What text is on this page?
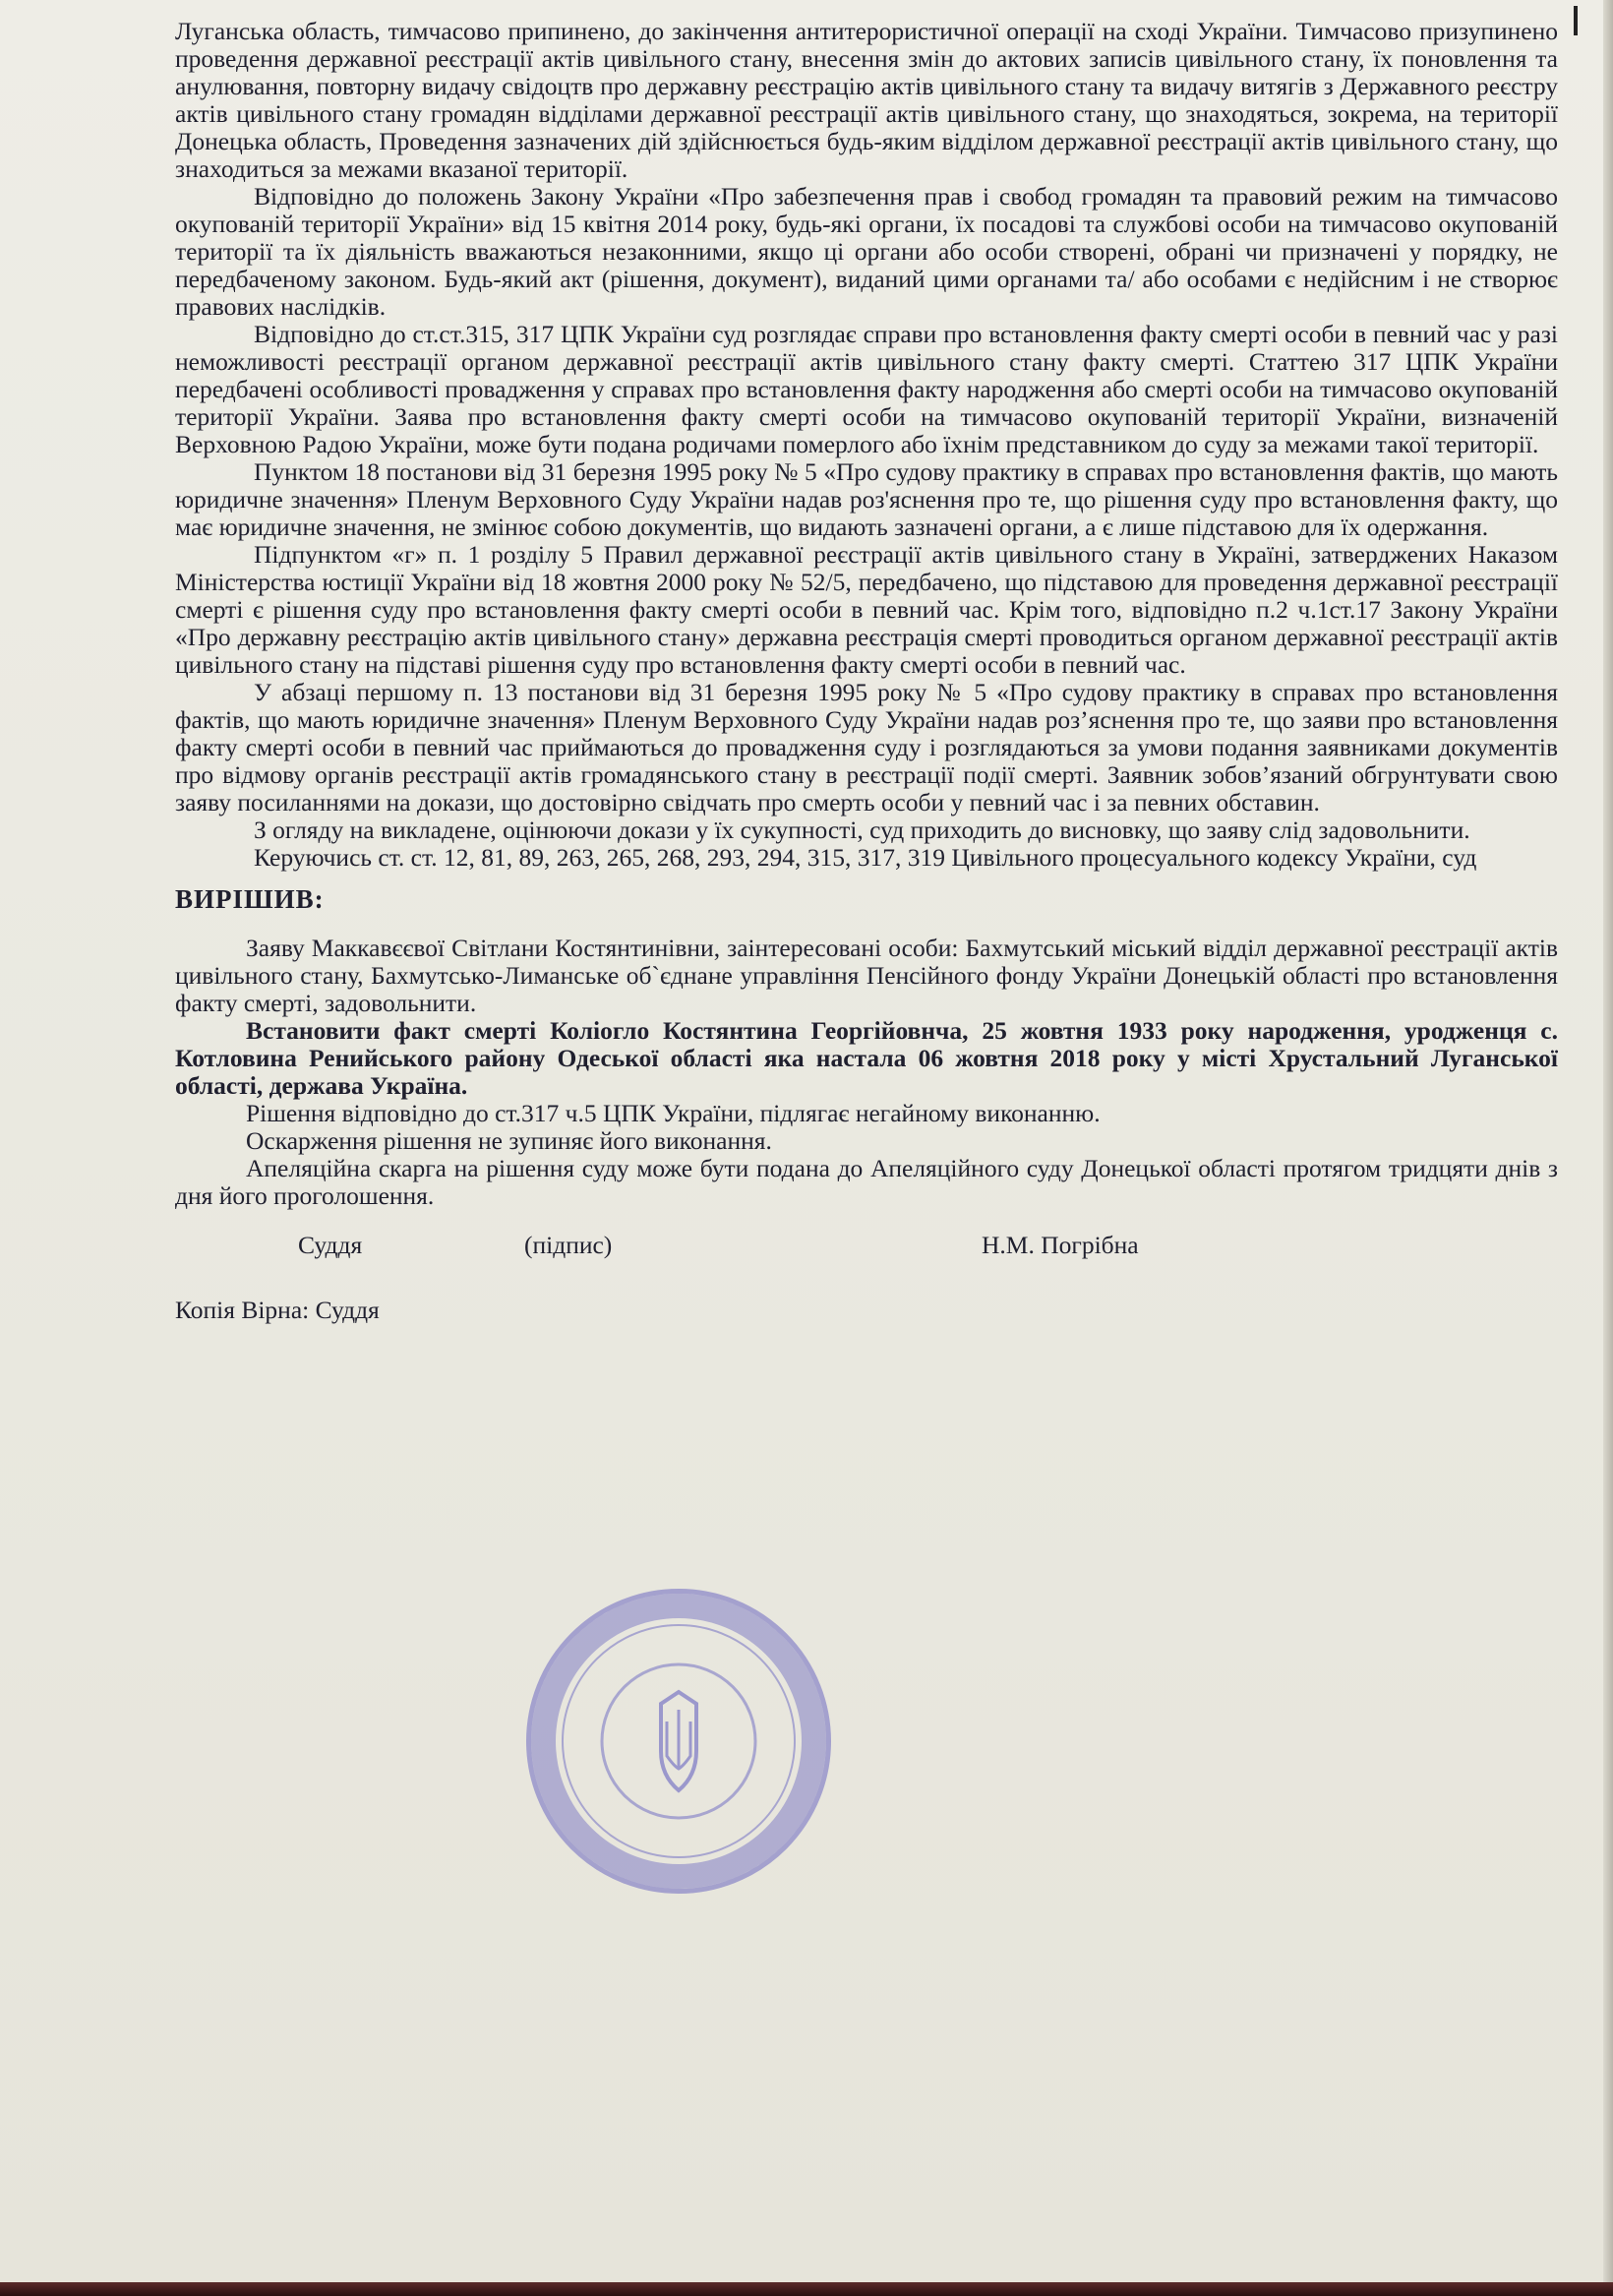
Луганська область, тимчасово припинено, до закінчення антитерористичної операції на сході України. Тимчасово призупинено проведення державної реєстрації актів цивільного стану, внесення змін до актових записів цивільного стану, їх поновлення та анулювання, повторну видачу свідоцтв про державну реєстрацію актів цивільного стану та видачу витягів з Державного реєстру актів цивільного стану громадян відділами державної реєстрації актів цивільного стану, що знаходяться, зокрема, на території Донецька область, Проведення зазначених дій здійснюється будь-яким відділом державної реєстрації актів цивільного стану, що знаходиться за межами вказаної території.

Відповідно до положень Закону України «Про забезпечення прав і свобод громадян та правовий режим на тимчасово окупованій території України» від 15 квітня 2014 року, будь-які органи, їх посадові та службові особи на тимчасово окупованій території та їх діяльність вважаються незаконними, якщо ці органи або особи створені, обрані чи призначені у порядку, не передбаченому законом. Будь-який акт (рішення, документ), виданий цими органами та/ або особами є недійсним і не створює правових наслідків.

Відповідно до ст.ст.315, 317 ЦПК України суд розглядає справи про встановлення факту смерті особи в певний час у разі неможливості реєстрації органом державної реєстрації актів цивільного стану факту смерті. Статтею 317 ЦПК України передбачені особливості провадження у справах про встановлення факту народження або смерті особи на тимчасово окупованій території України. Заява про встановлення факту смерті особи на тимчасово окупованій території України, визначеній Верховною Радою України, може бути подана родичами померлого або їхнім представником до суду за межами такої території.

Пунктом 18 постанови від 31 березня 1995 року № 5 «Про судову практику в справах про встановлення фактів, що мають юридичне значення» Пленум Верховного Суду України надав роз'яснення про те, що рішення суду про встановлення факту, що має юридичне значення, не змінює собою документів, що видають зазначені органи, а є лише підставою для їх одержання.

Підпунктом «г» п. 1 розділу 5 Правил державної реєстрації актів цивільного стану в Україні, затверджених Наказом Міністерства юстиції України від 18 жовтня 2000 року № 52/5, передбачено, що підставою для проведення державної реєстрації смерті є рішення суду про встановлення факту смерті особи в певний час. Крім того, відповідно п.2 ч.1ст.17 Закону України «Про державну реєстрацію актів цивільного стану» державна реєстрація смерті проводиться органом державної реєстрації актів цивільного стану на підставі рішення суду про встановлення факту смерті особи в певний час.

У абзаці першому п. 13 постанови від 31 березня 1995 року № 5 «Про судову практику в справах про встановлення фактів, що мають юридичне значення» Пленум Верховного Суду України надав роз’яснення про те, що заяви про встановлення факту смерті особи в певний час приймаються до провадження суду і розглядаються за умови подання заявниками документів про відмову органів реєстрації актів громадянського стану в реєстрації події смерті. Заявник зобов’язаний обгрунтувати свою заяву посиланнями на докази, що достовірно свідчать про смерть особи у певний час і за певних обставин.

З огляду на викладене, оцінюючи докази у їх сукупності, суд приходить до висновку, що заяву слід задовольнити.

Керуючись ст. ст. 12, 81, 89, 263, 265, 268, 293, 294, 315, 317, 319 Цивільного процесуального кодексу України, суд

ВИРІШИВ:

Заяву Маккавєєвої Світлани Костянтинівни, заінтересовані особи: Бахмутський міський відділ державної реєстрації актів цивільного стану, Бахмутсько-Лиманське об`єднане управління Пенсійного фонду України Донецькій області про встановлення факту смерті, задовольнити.

Встановити факт смерті Коліогло Костянтина Георгійовнча, 25 жовтня 1933 року народження, уродженця с. Котловина Ренийського району Одеської області яка настала 06 жовтня 2018 року у місті Хрустальний Луганської області, держава Україна.

Рішення відповідно до ст.317 ч.5 ЦПК України, підлягає негайному виконанню.

Оскарження рішення не зупиняє його виконання.

Апеляційна скарга на рішення суду може бути подана до Апеляційного суду Донецької області протягом тридцяти днів з дня його проголошення.

Суддя	(підпис)	Н.М. Погрібна

Копія Вірна: Суддя
